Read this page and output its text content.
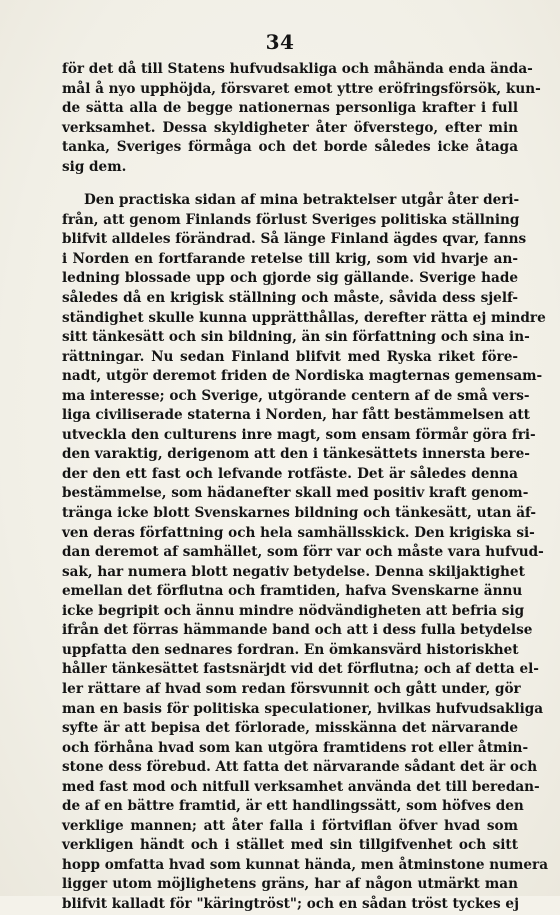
34
för det då till Statens hufvudsakliga och måhända enda ända-
mål å nyo upphöjda, försvaret emot yttre eröfringsförsök, kun-
de sätta alla de begge nationernas personliga krafter i full
verksamhet. Dessa skyldigheter åter öfverstego, efter min
tanka, Sveriges förmåga och det borde således icke åtaga
sig dem.
Den practiska sidan af mina betraktelser utgår åter deri-
från, att genom Finlands förlust Sveriges politiska ställning
blifvit alldeles förändrad. Så länge Finland ägdes qvar, fanns
i Norden en fortfarande retelse till krig, som vid hvarje an-
ledning blossade upp och gjorde sig gällande. Sverige hade
således då en krigisk ställning och måste, såvida dess sjelf-
ständighet skulle kunna upprätthållas, derefter rätta ej mindre
sitt tänkesätt och sin bildning, än sin författning och sina in-
rättningar. Nu sedan Finland blifvit med Ryska riket före-
nadt, utgör deremot friden de Nordiska magternas gemensam-
ma interesse; och Sverige, utgörande centern af de små vers-
liga civiliserade staterna i Norden, har fått bestämmelsen att
utveckla den culturens inre magt, som ensam förmår göra fri-
den varaktig, derigenom att den i tänkesättets innersta bere-
der den ett fast och lefvande rotfäste. Det är således denna
bestämmelse, som hädanefter skall med positiv kraft genom-
tränga icke blott Svenskarnes bildning och tänkesätt, utan äf-
ven deras författning och hela samhällsskick. Den krigiska si-
dan deremot af samhället, som förr var och måste vara hufvud-
sak, har numera blott negativ betydelse. Denna skiljaktighet
emellan det förflutna och framtiden, hafva Svenskarne ännu
icke begripit och ännu mindre nödvändigheten att befria sig
ifrån det förras hämmande band och att i dess fulla betydelse
uppfatta den sednares fordran. En ömkansvärd historiskhet
håller tänkesättet fastsnärjdt vid det förflutna; och af detta el-
ler rättare af hvad som redan försvunnit och gått under, gör
man en basis för politiska speculationer, hvilkas hufvudsakliga
syfte är att bepisa det förlorade, misskänna det närvarande
och förhåna hvad som kan utgöra framtidens rot eller åtmin-
stone dess förebud. Att fatta det närvarande sådant det är och
med fast mod och nitfull verksamhet använda det till beredan-
de af en bättre framtid, är ett handlingssätt, som höfves den
verklige mannen; att åter falla i förtviflan öfver hvad som
verkligen händt och i stället med sin tillgifvenhet och sitt
hopp omfatta hvad som kunnat hända, men åtminstone numera
ligger utom möjlighetens gräns, har af någon utmärkt man
blifvit kalladt för "käringtröst"; och en sådan tröst tyckes ej
